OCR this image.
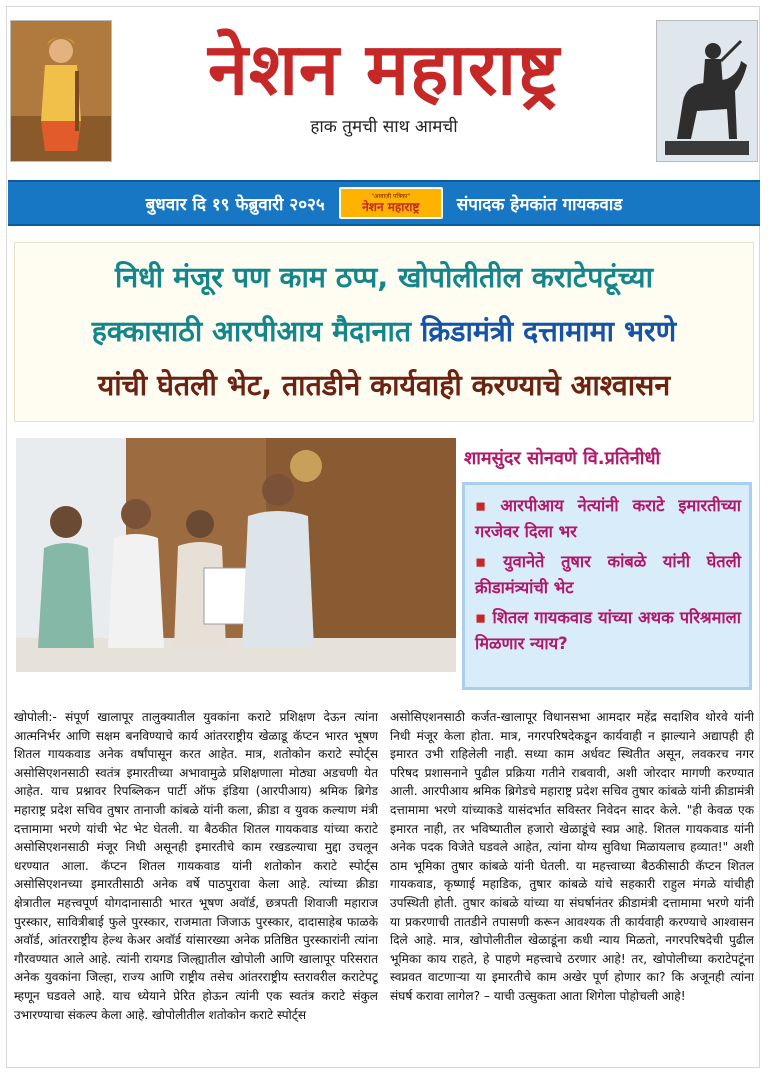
नेशन महाराष्ट्र
हाक तुमची साथ आमची
बुधवार दि १९ फेब्रुवारी २०२५	"आवाज़ी पत्रिका"
नेशन महाराष्ट्र संपादक हेमकांत गायकवाड
निधी मंजूर पण काम ठप्प, खोपोलीतील कराटेपटूंच्या
हक्कासाठी आरपीआय मैदानात क्रिडामंत्री दत्तामामा भरणे
यांची घेतली भेट, तातडीने कार्यवाही करण्याचे आश्वासन
शामसुंदर सोनवणे वि.प्रतिनीधी
▪ आरपीआय नेत्यांनी कराटे इमारतीच्या गरजेवर दिला भर
▪ युवानेते तुषार कांबळे यांनी घेतली क्रीडामंत्र्यांची भेट
▪ शितल गायकवाड यांच्या अथक परिश्रमाला मिळणार न्याय?

खोपोली:- संपूर्ण खालापूर तालुक्यातील युवकांना कराटे प्रशिक्षण देऊन त्यांना आत्मनिर्भर आणि सक्षम बनविण्याचे कार्य आंतरराष्ट्रीय खेळाडू कॅप्टन भारत भूषण शितल गायकवाड अनेक वर्षांपासून करत आहेत. मात्र, शतोकोन कराटे स्पोर्ट्स असोसिएशनसाठी स्वतंत्र इमारतीच्या अभावामुळे प्रशिक्षणाला मोठ्या अडचणी येत आहेत. याच प्रश्नावर रिपब्लिकन पार्टी ऑफ इंडिया (आरपीआय) श्रमिक ब्रिगेड महाराष्ट्र प्रदेश सचिव तुषार तानाजी कांबळे यांनी कला, क्रीडा व युवक कल्याण मंत्री दत्तामामा भरणे यांची भेट भेट घेतली. या बैठकीत शितल गायकवाड यांच्या कराटे असोसिएशनसाठी मंजूर निधी असूनही इमारतीचे काम रखडल्याचा मुद्दा उचलून धरण्यात आला. कॅप्टन शितल गायकवाड यांनी शतोकोन कराटे स्पोर्ट्स असोसिएशनच्या इमारतीसाठी अनेक वर्षे पाठपुरावा केला आहे. त्यांच्या क्रीडा क्षेत्रातील महत्त्वपूर्ण योगदानासाठी भारत भूषण अवॉर्ड, छत्रपती शिवाजी महाराज पुरस्कार, सावित्रीबाई फुले पुरस्कार, राजमाता जिजाऊ पुरस्कार, दादासाहेब फाळके अवॉर्ड, आंतरराष्ट्रीय हेल्थ केअर अवॉर्ड यांसारख्या अनेक प्रतिष्ठित पुरस्कारांनी त्यांना गौरवण्यात आले आहे. त्यांनी रायगड जिल्ह्यातील खोपोली आणि खालापूर परिसरात अनेक युवकांना जिल्हा, राज्य आणि राष्ट्रीय तसेच आंतरराष्ट्रीय स्तरावरील कराटेपटू म्हणून घडवले आहे. याच ध्येयाने प्रेरित होऊन त्यांनी एक स्वतंत्र कराटे संकुल उभारण्याचा संकल्प केला आहे. खोपोलीतील शतोकोन कराटे स्पोर्ट्स

असोसिएशनसाठी कर्जत-खालापूर विधानसभा आमदार महेंद्र सदाशिव थोरवे यांनी निधी मंजूर केला होता. मात्र, नगरपरिषदेकडून कार्यवाही न झाल्याने अद्यापही ही इमारत उभी राहिलेली नाही. सध्या काम अर्धवट स्थितीत असून, लवकरच नगर परिषद प्रशासनाने पुढील प्रक्रिया गतीने राबवावी, अशी जोरदार मागणी करण्यात आली. आरपीआय श्रमिक ब्रिगेडचे महाराष्ट्र प्रदेश सचिव तुषार कांबळे यांनी क्रीडामंत्री दत्तामामा भरणे यांच्याकडे यासंदर्भात सविस्तर निवेदन सादर केले. "ही केवळ एक इमारत नाही, तर भविष्यातील हजारो खेळाडूंचे स्वप्न आहे. शितल गायकवाड यांनी अनेक पदक विजेते घडवले आहेत, त्यांना योग्य सुविधा मिळायलाच हव्यात!" अशी ठाम भूमिका तुषार कांबळे यांनी घेतली. या महत्त्वाच्या बैठकीसाठी कॅप्टन शितल गायकवाड, कृष्णाई महाडिक, तुषार कांबळे यांचे सहकारी राहुल मंगळे यांचीही उपस्थिती होती. तुषार कांबळे यांच्या या संघर्षानंतर क्रीडामंत्री दत्तामामा भरणे यांनी या प्रकरणाची तातडीने तपासणी करून आवश्यक ती कार्यवाही करण्याचे आश्वासन दिले आहे. मात्र, खोपोलीतील खेळाडूंना कधी न्याय मिळतो, नगरपरिषदेची पुढील भूमिका काय राहते, हे पाहणे महत्त्वाचे ठरणार आहे! तर, खोपोलीच्या कराटेपटूंना स्वप्नवत वाटणाऱ्या या इमारतीचे काम अखेर पूर्ण होणार का? कि अजूनही त्यांना संघर्ष करावा लागेल? – याची उत्सुकता आता शिगेला पोहोचली आहे!
